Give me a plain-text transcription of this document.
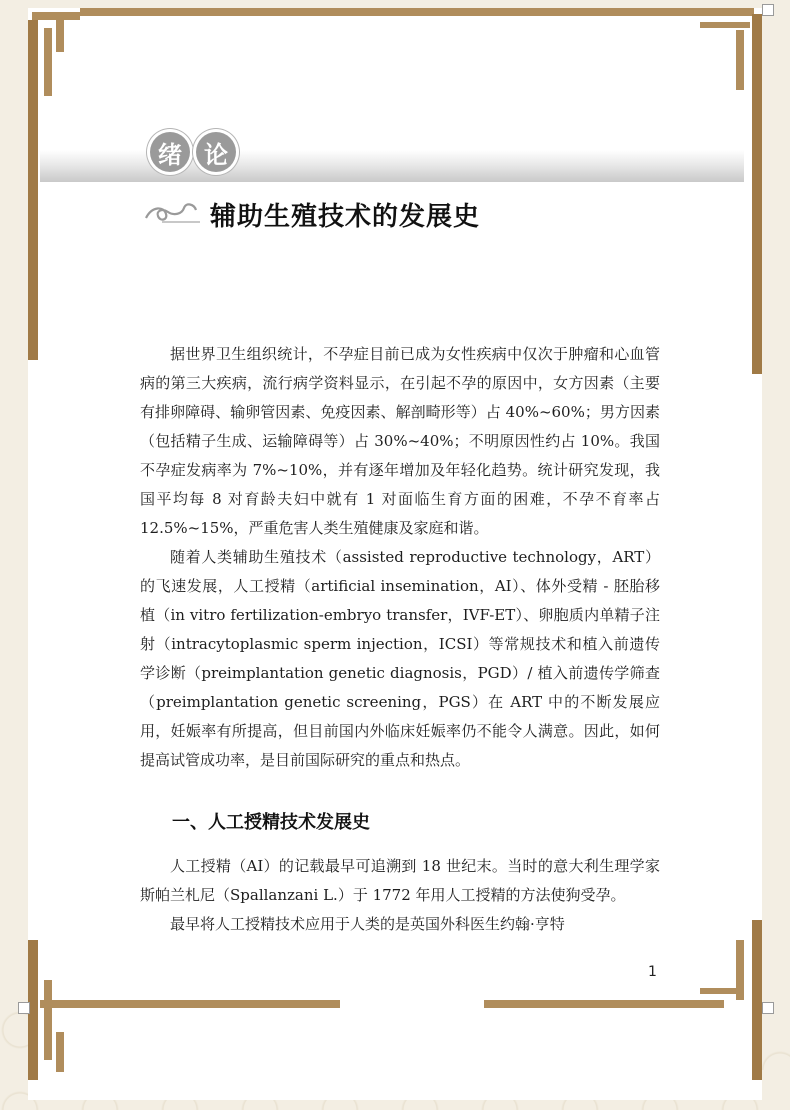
绪 论
辅助生殖技术的发展史

据世界卫生组织统计，不孕症目前已成为女性疾病中仅次于肿瘤和心血管病的第三大疾病，流行病学资料显示，在引起不孕的原因中，女方因素（主要有排卵障碍、输卵管因素、免疫因素、解剖畸形等）占 40%~60%；男方因素（包括精子生成、运输障碍等）占 30%~40%；不明原因性约占 10%。我国不孕症发病率为 7%~10%，并有逐年增加及年轻化趋势。统计研究发现，我国平均每 8 对育龄夫妇中就有 1 对面临生育方面的困难，不孕不育率占 12.5%~15%，严重危害人类生殖健康及家庭和谐。

随着人类辅助生殖技术（assisted reproductive technology，ART）的飞速发展，人工授精（artificial insemination，AI）、体外受精 - 胚胎移植（in vitro fertilization-embryo transfer，IVF-ET）、卵胞质内单精子注射（intracytoplasmic sperm injection，ICSI）等常规技术和植入前遗传学诊断（preimplantation genetic diagnosis，PGD）/ 植入前遗传学筛查（preimplantation genetic screening，PGS）在 ART 中的不断发展应用，妊娠率有所提高，但目前国内外临床妊娠率仍不能令人满意。因此，如何提高试管成功率，是目前国际研究的重点和热点。

一、人工授精技术发展史

人工授精（AI）的记载最早可追溯到 18 世纪末。当时的意大利生理学家斯帕兰札尼（Spallanzani L.）于 1772 年用人工授精的方法使狗受孕。

最早将人工授精技术应用于人类的是英国外科医生约翰·亨特

1
